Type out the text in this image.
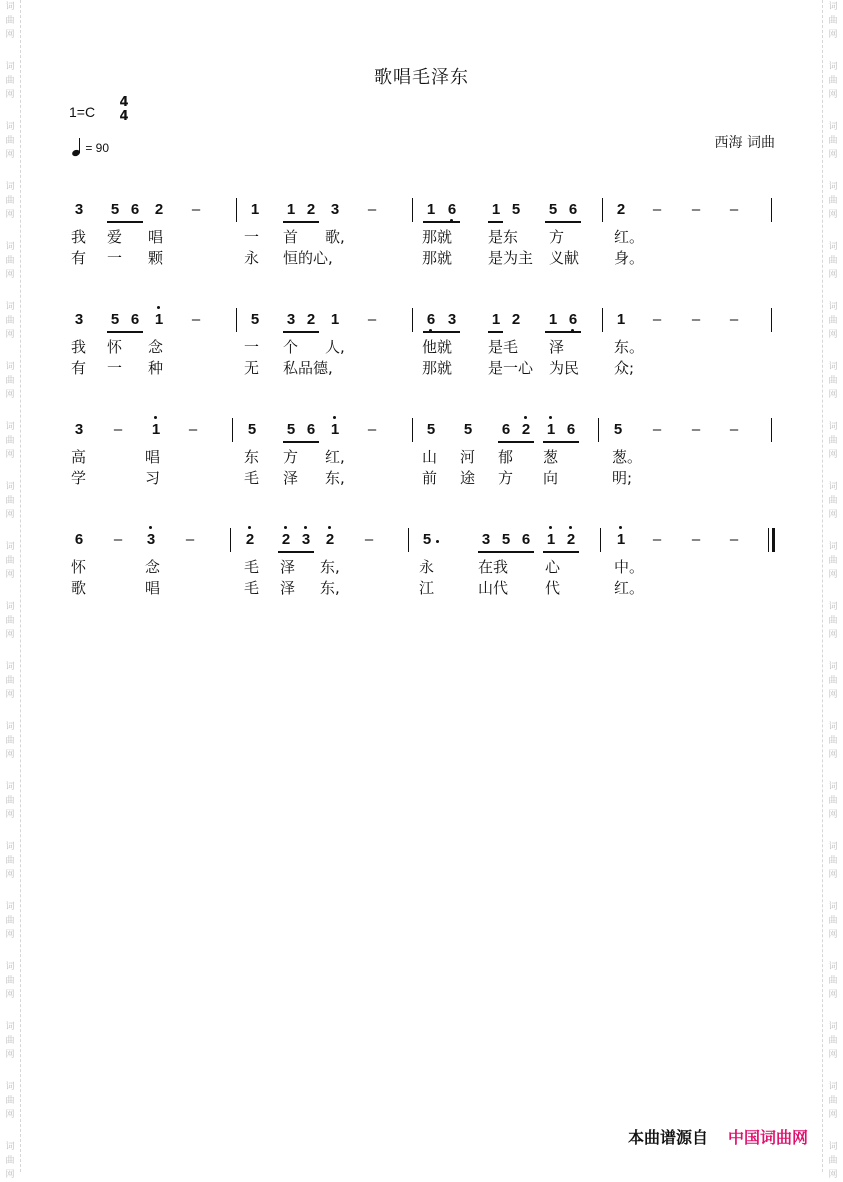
词
曲
网
词
曲
网
词
曲
网
词
曲
网
词
曲
网
词
曲
网
词
曲
网
词
曲
网
词
曲
网
词
曲
网
词
曲
网
词
曲
网
词
曲
网
词
曲
网
词
曲
网
词
曲
网
词
曲
网
词
曲
网
词
曲
网
词
曲
网
词
曲
网
词
曲
网
词
曲
网
词
曲
网
词
曲
网
词
曲
网
词
曲
网
词
曲
网
词
曲
网
词
曲
网
词
曲
网
词
曲
网
词
曲
网
词
曲
网
词
曲
网
词
曲
网
词
曲
网
词
曲
网
词
曲
网
词
曲
网
歌唱毛泽东
1=C
4
4
= 90	西海 词曲
3 5 6 2 –	1 1 2 3 –	1 6 1 5 5 6	2 – – –
我 爱 唱	一 首 歌,	那就 是东 方	红。
有 一 颗	永 恒的心,	那就 是为主 义献 身。
3 5 6 1 –	5 3 2 1 –	6 3 1 2 1 6	1 – – –
我 怀 念	一 个 人,	他就 是毛 泽	东。
有 一 种	无 私品德,	那就 是一心 为民 众;
3 – 1 –	5 5 6 1 –	5 5 6 2 1 6	5 – – –
高	唱	东 方 红,	山 河 郁 葱	葱。
学	习	毛 泽 东,	前 途 方 向	明;
6 – 3 –	2 2 3 2 –	5	3 5 6 1 2	1 – – –
怀	念	毛 泽 东,	永	在我 心	中。
歌	唱	毛 泽 东,	江	山代 代	红。
本曲谱源自 中国词曲网
